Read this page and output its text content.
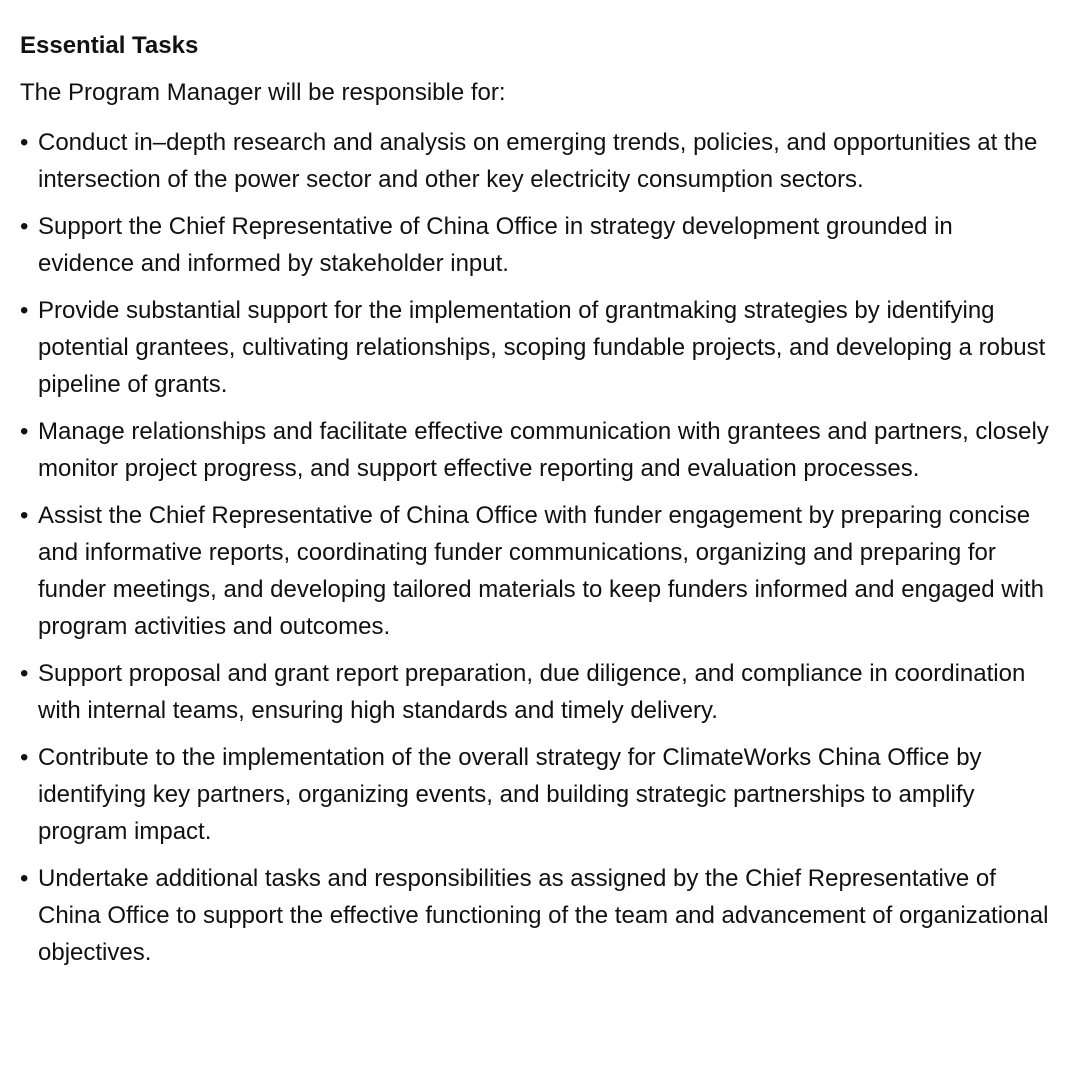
Essential Tasks

The Program Manager will be responsible for:

• Conduct in–depth research and analysis on emerging trends, policies, and opportunities at the intersection of the power sector and other key electricity consumption sectors.
• Support the Chief Representative of China Office in strategy development grounded in evidence and informed by stakeholder input.
• Provide substantial support for the implementation of grantmaking strategies by identifying potential grantees, cultivating relationships, scoping fundable projects, and developing a robust pipeline of grants.
• Manage relationships and facilitate effective communication with grantees and partners, closely monitor project progress, and support effective reporting and evaluation processes.
• Assist the Chief Representative of China Office with funder engagement by preparing concise and informative reports, coordinating funder communications, organizing and preparing for funder meetings, and developing tailored materials to keep funders informed and engaged with program activities and outcomes.
• Support proposal and grant report preparation, due diligence, and compliance in coordination with internal teams, ensuring high standards and timely delivery.
• Contribute to the implementation of the overall strategy for ClimateWorks China Office by identifying key partners, organizing events, and building strategic partnerships to amplify program impact.
• Undertake additional tasks and responsibilities as assigned by the Chief Representative of China Office to support the effective functioning of the team and advancement of organizational objectives.
